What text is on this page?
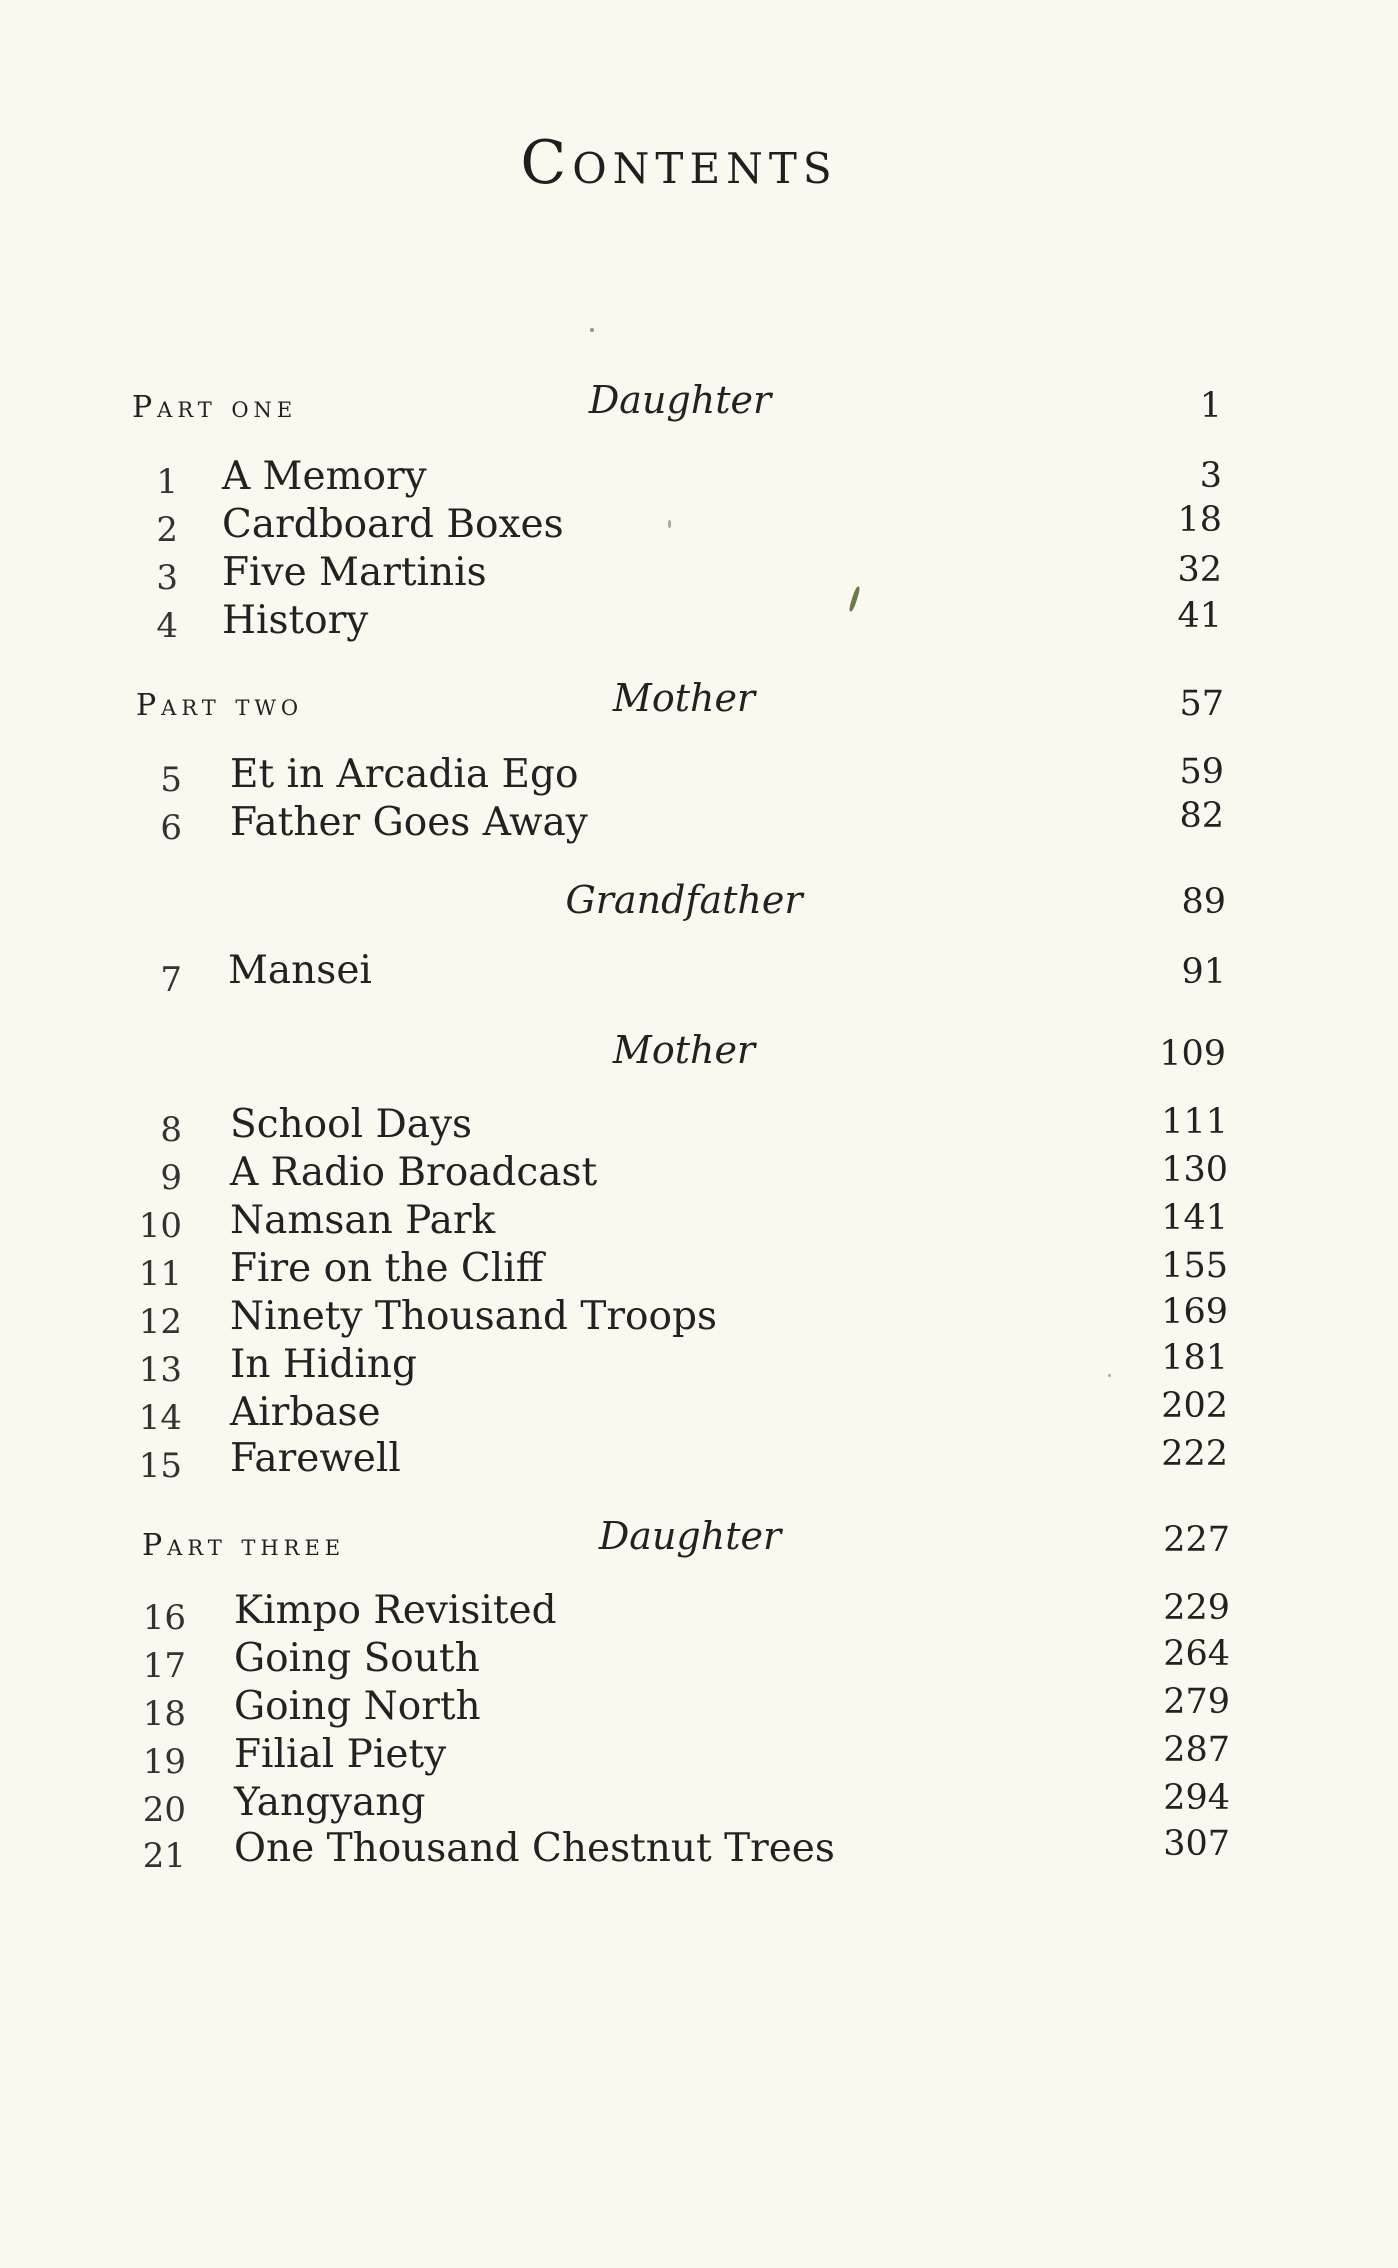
Contents
Part one	Daughter	1
1 A Memory	3
2 Cardboard Boxes	18
3 Five Martinis	32
4 History	41
Part two	Mother	57
5 Et in Arcadia Ego	59
6 Father Goes Away	82
Grandfather	89
7 Mansei	91
Mother	109
8 School Days	111
9 A Radio Broadcast	130
10 Namsan Park	141
11 Fire on the Cliff	155
12 Ninety Thousand Troops	169
13 In Hiding	181
14 Airbase	202
15 Farewell	222
Part three	Daughter	227
16 Kimpo Revisited	229
17 Going South	264
18 Going North	279
19 Filial Piety	287
20 Yangyang	294
21 One Thousand Chestnut Trees	307
